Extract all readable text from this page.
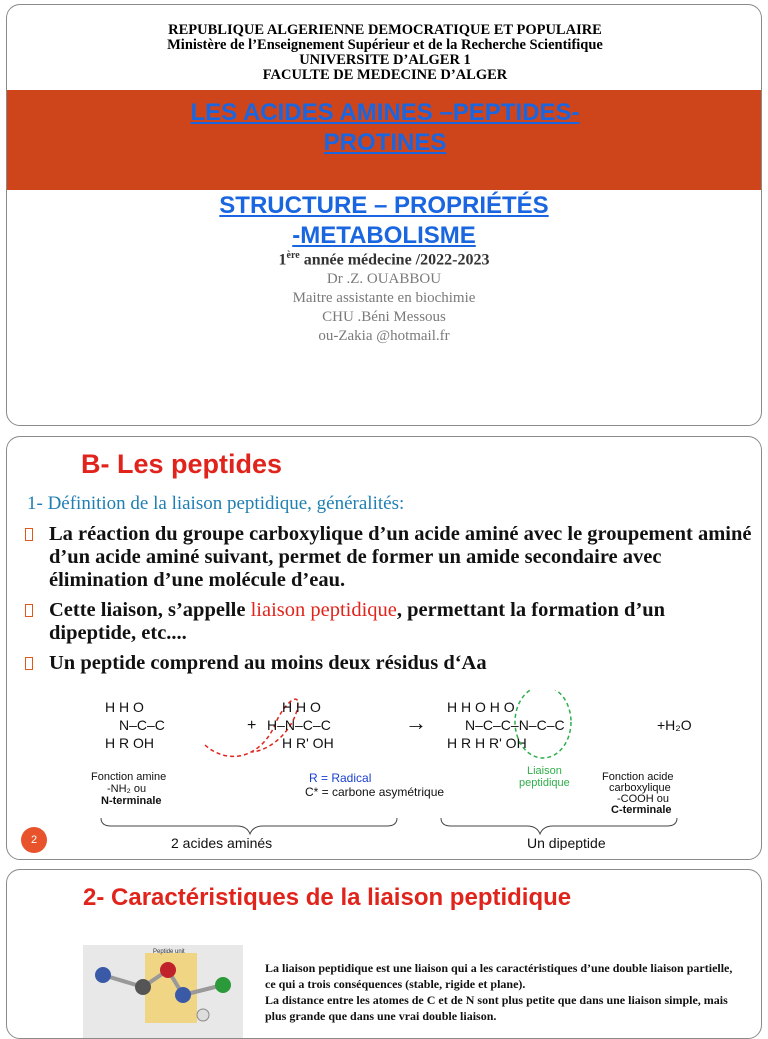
REPUBLIQUE ALGERIENNE DEMOCRATIQUE ET POPULAIRE
Ministère de l’Enseignement Supérieur et de la Recherche Scientifique
UNIVERSITE D’ALGER 1
FACULTE DE MEDECINE D’ALGER
LES ACIDES AMINES –PEPTIDES-
PROTINES
STRUCTURE – PROPRIÉTÉS
-METABOLISME
1ère année médecine /2022-2023
Dr .Z. OUABBOU
Maitre assistante en biochimie
CHU .Béni Messous
ou-Zakia @hotmail.fr
B- Les peptides
1- Définition de la liaison peptidique, généralités:
La réaction du groupe carboxylique d’un acide aminé avec le groupement aminé d’un acide aminé suivant, permet de former un amide secondaire avec élimination d’une molécule d’eau.
Cette liaison, s’appelle liaison peptidique, permettant la formation d’un dipeptide, etc....
Un peptide comprend au moins deux résidus d‘Aa
H H O
N–C–C
H R OH
+
H H O
H–N–C–C
H R' OH
→
H H O H O
N–C–C–N–C–C
H R H R' OH
+H₂O
Fonction amine
-NH₂ ou
N-terminale
R = Radical
C* = carbone asymétrique
Liaison
peptidique	Fonction acide
carboxylique
-COOH ou
C-terminale
2 acides aminés	Un dipeptide
2
2- Caractéristiques de la liaison peptidique
Peptide unit
La liaison peptidique est une liaison qui a les caractéristiques d’une double liaison partielle, ce qui a trois conséquences (stable, rigide et plane).
La distance entre les atomes de C et de N sont plus petite que dans une liaison simple, mais plus grande que dans une vrai double liaison.
